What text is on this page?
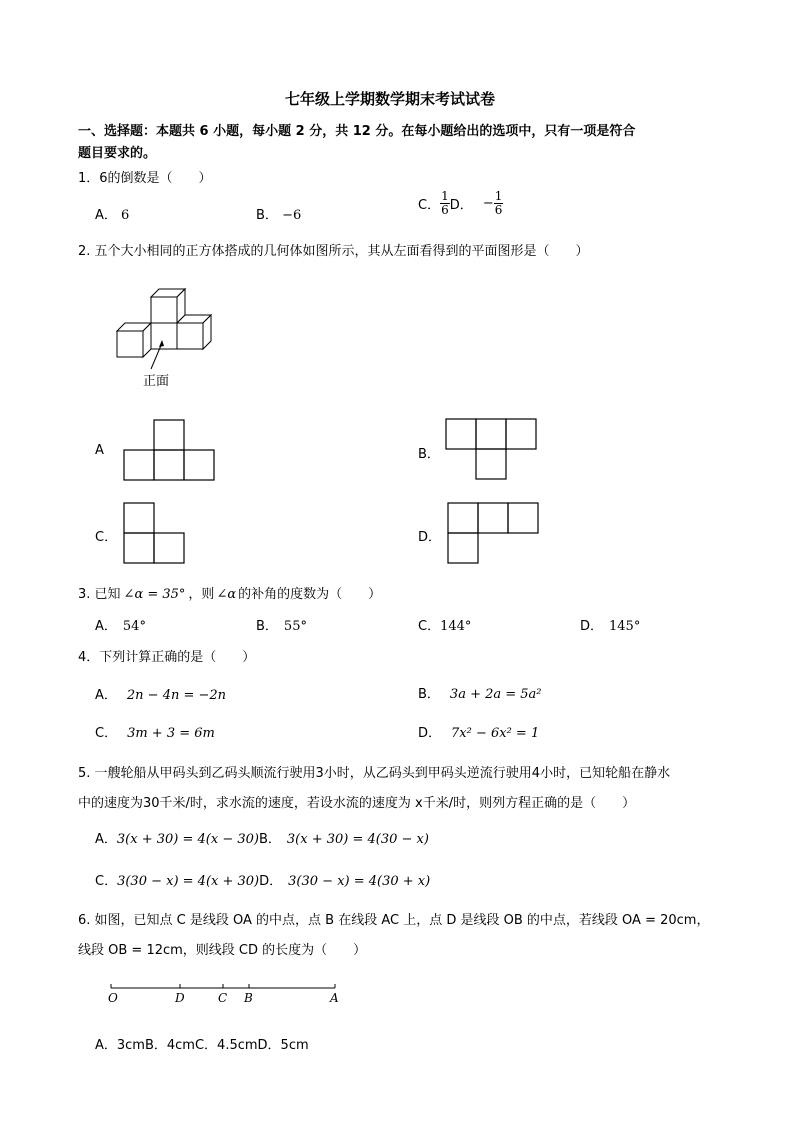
七年级上学期数学期末考试试卷
一、选择题：本题共 6 小题，每小题 2 分，共 12 分。在每小题给出的选项中，只有一项是符合
题目要求的。
1．6的倒数是（　　）
A． 6	B． −6
C． $\frac{1}{6}$ D． − $\frac{1}{6}$
2. 五个大小相同的正方体搭成的几何体如图所示，其从左面看得到的平面图形是（　　）
正面
A	B．
C．	D．
3. 已知 ∠α = 35° ，则 ∠α 的补角的度数为（　　）
A． 54°	B． 55°	C．144°	D． 145°
4．下列计算正确的是（　　）
A． 2n − 4n = −2n	B． 3a + 2a = 5a²
C． 3m + 3 = 6m	D． 7x² − 6x² = 1
5. 一艘轮船从甲码头到乙码头顺流行驶用3小时，从乙码头到甲码头逆流行驶用4小时，已知轮船在静水
中的速度为30千米/时，求水流的速度，若设水流的速度为 x千米/时，则列方程正确的是（　　）
A．3(x + 30) = 4(x − 30)B． 3(x + 30) = 4(30 − x)
C．3(30 − x) = 4(x + 30)D． 3(30 − x) = 4(30 + x)
6. 如图，已知点 C 是线段 OA 的中点，点 B 在线段 AC 上，点 D 是线段 OB 的中点，若线段 OA = 20cm，
线段 OB = 12cm，则线段 CD 的长度为（　　）
O	D	C B	A
A．3cmB．4cmC．4.5cmD．5cm
